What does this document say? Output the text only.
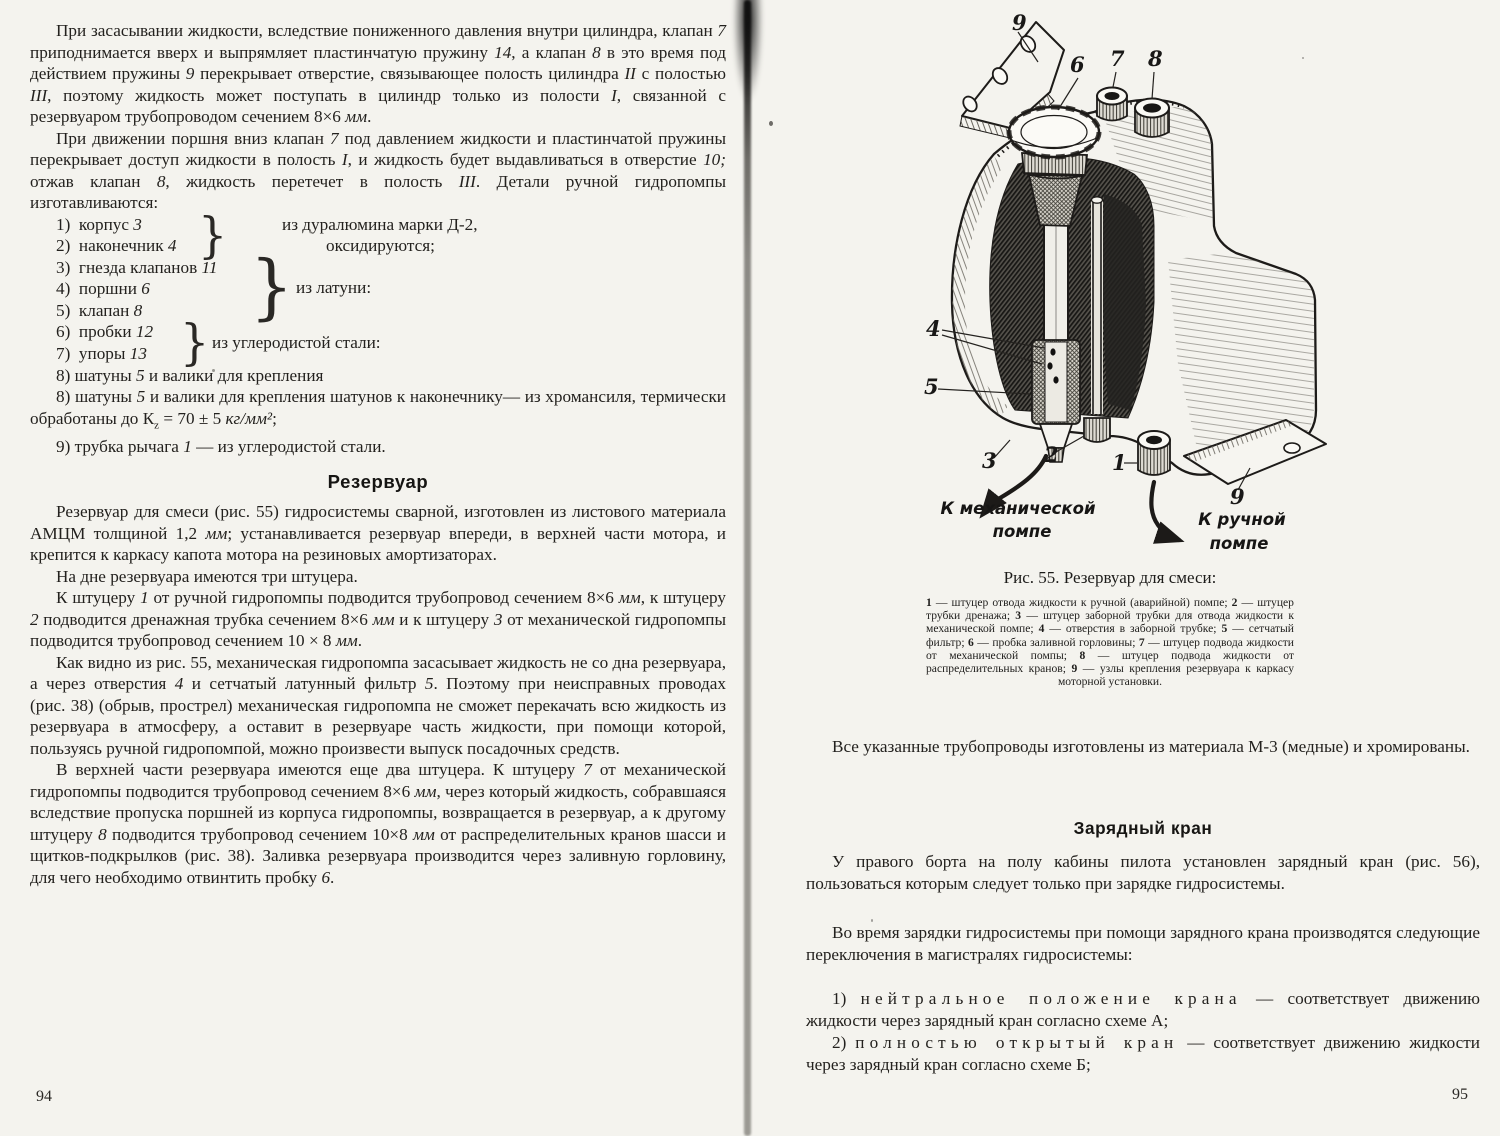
При засасывании жидкости, вследствие пониженного давления внутри цилиндра, клапан 7 приподнимается вверх и выпрямляет пластинчатую пружину 14, а клапан 8 в это время под действием пружины 9 перекрывает отверстие, связывающее полость цилиндра II с полостью III, поэтому жидкость может поступать в цилиндр только из полости I, связанной с резервуаром трубопроводом сечением 8×6 мм.

При движении поршня вниз клапан 7 под давлением жидкости и пластинчатой пружины перекрывает доступ жидкости в полость I, и жидкость будет выдавливаться в отверстие 10; отжав клапан 8, жидкость перетечет в полость III. Детали ручной гидропомпы изготавливаются:

1)  корпус 3
2)  наконечник 4
3)  гнезда клапанов 11
4)  поршни 6
5)  клапан 8
6)  пробки 12
7)  упоры 13
}	из дуралюмина марки Д-2,
оксидируются;
} из латуни:
} из углеродистой стали:

8) шатуны 5 и валики для крепления

8) шатуны 5 и валики для крепления шатунов к наконечнику— из хромансиля, термически обработаны до $К_z = 70 \pm 5$ кг/мм²;

9) трубка рычага 1 — из углеродистой стали.

Резервуар

Резервуар для смеси (рис. 55) гидросистемы сварной, изготовлен из листового материала АМЦМ толщиной 1,2 мм; устанавливается резервуар впереди, в верхней части мотора, и крепится к каркасу капота мотора на резиновых амортизаторах.

На дне резервуара имеются три штуцера.

К штуцеру 1 от ручной гидропомпы подводится трубопровод сечением 8×6 мм, к штуцеру 2 подводится дренажная трубка сечением 8×6 мм и к штуцеру 3 от механической гидропомпы подводится трубопровод сечением 10 × 8 мм.

Как видно из рис. 55, механическая гидропомпа засасывает жидкость не со дна резервуара, а через отверстия 4 и сетчатый латунный фильтр 5. Поэтому при неисправных проводах (рис. 38) (обрыв, прострел) механическая гидропомпа не сможет перекачать всю жидкость из резервуара в атмосферу, а оставит в резервуаре часть жидкости, при помощи которой, пользуясь ручной гидропомпой, можно произвести выпуск посадочных средств.

В верхней части резервуара имеются еще два штуцера. К штуцеру 7 от механической гидропомпы подводится трубопровод сечением 8×6 мм, через который жидкость, собравшаяся вследствие пропуска поршней из корпуса гидропомпы, возвращается в резервуар, а к другому штуцеру 8 подводится трубопровод сечением 10×8 мм от распределительных кранов шасси и щитков-подкрылков (рис. 38). Заливка резервуара производится через заливную горловину, для чего необходимо отвинтить пробку 6.

94
9
6 7 8
4
5
3 2	1
9
К механической
помпе
К ручной
помпе
Рис. 55. Резервуар для смеси:
1 — штуцер отвода жидкости к ручной (аварийной) помпе; 2 — штуцер трубки дренажа; 3 — штуцер заборной трубки для отвода жидкости к механической помпе; 4 — отверстия в заборной трубке; 5 — сетчатый фильтр; 6 — пробка заливной горловины; 7 — штуцер подвода жидкости от механической помпы; 8 — штуцер подвода жидкости от распределительных кранов; 9 — узлы крепления резервуара к каркасу моторной установки.

Все указанные трубопроводы изготовлены из материала М-3 (медные) и хромированы.

Зарядный кран

У правого борта на полу кабины пилота установлен зарядный кран (рис. 56), пользоваться которым следует только при зарядке гидросистемы.

Во время зарядки гидросистемы при помощи зарядного крана производятся следующие переключения в магистралях гидросистемы:

1) нейтральное положение крана — соответствует движению жидкости через зарядный кран согласно схеме А;

2) полностью открытый кран — соответствует движению жидкости через зарядный кран согласно схеме Б;

95
